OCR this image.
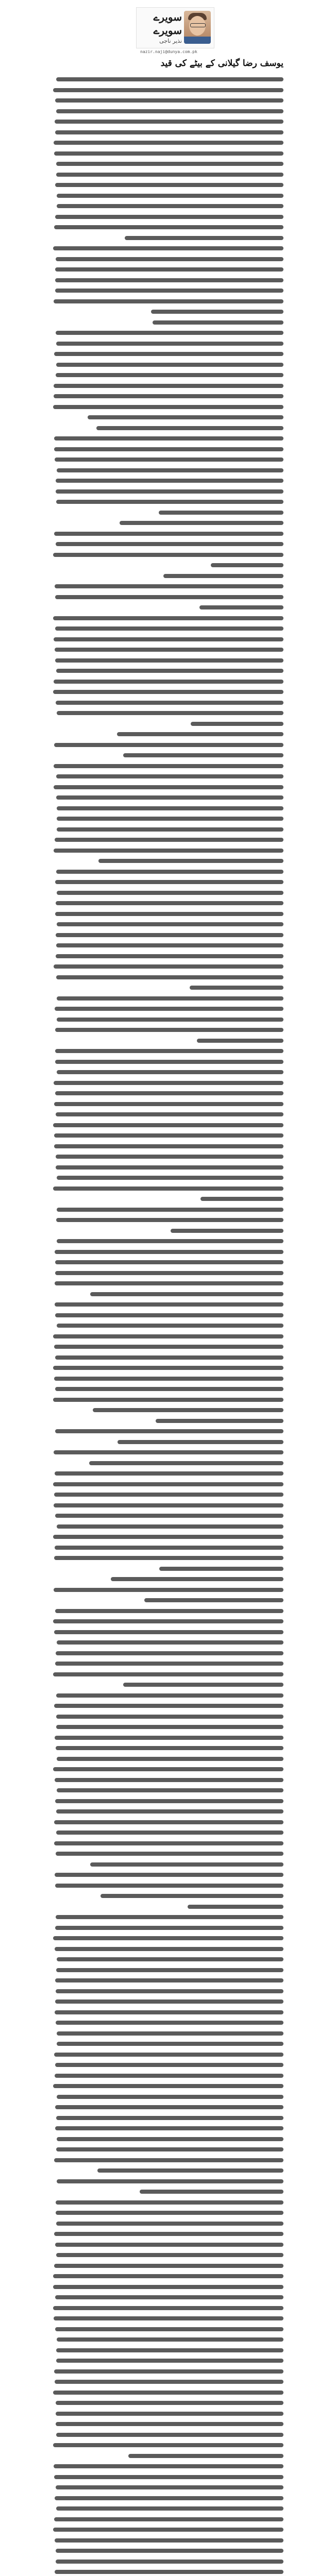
سویرے
سویرے
نذیر ناجی
nazir.naji@dunya.com.pk
یوسف رضا گیلانی کے بیٹے کی قید
